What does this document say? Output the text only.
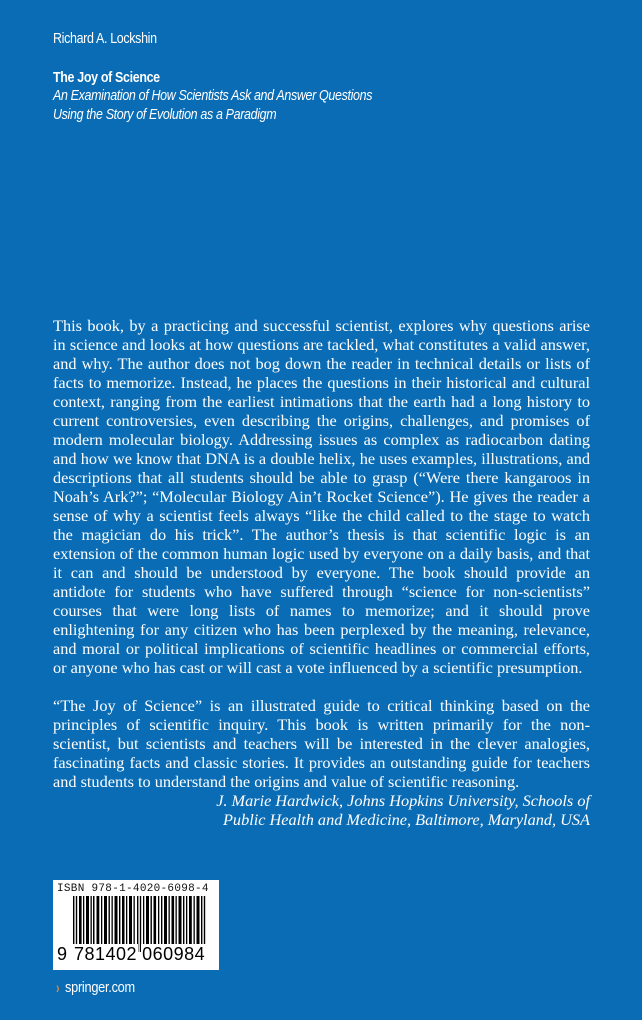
Richard A. Lockshin
The Joy of Science
An Examination of How Scientists Ask and Answer Questions
Using the Story of Evolution as a Paradigm

This book, by a practicing and successful scientist, explores why questions arise in science and looks at how questions are tackled, what constitutes a valid answer, and why. The author does not bog down the reader in technical details or lists of facts to memorize. Instead, he places the questions in their historical and cultural context, ranging from the earliest intimations that the earth had a long history to current controversies, even describing the origins, challenges, and promises of modern molecular biology. Addressing issues as complex as radiocarbon dating and how we know that DNA is a double helix, he uses examples, illustrations, and descriptions that all students should be able to grasp (“Were there kangaroos in Noah’s Ark?”; “Molecular Biology Ain’t Rocket Science”). He gives the reader a sense of why a scientist feels always “like the child called to the stage to watch the magician do his trick”. The author’s thesis is that scientific logic is an extension of the common human logic used by everyone on a daily basis, and that it can and should be understood by everyone. The book should provide an antidote for students who have suffered through “science for non-scientists” courses that were long lists of names to memorize; and it should prove enlightening for any citizen who has been perplexed by the meaning, relevance, and moral or political implications of scientific headlines or commercial efforts, or anyone who has cast or will cast a vote influenced by a scientific presumption.

“The Joy of Science” is an illustrated guide to critical thinking based on the principles of scientific inquiry. This book is written primarily for the non-scientist, but scientists and teachers will be interested in the clever analogies, fascinating facts and classic stories. It provides an outstanding guide for teachers and students to understand the origins and value of scientific reasoning.

J. Marie Hardwick, Johns Hopkins University, Schools of

Public Health and Medicine, Baltimore, Maryland, USA

ISBN 978-1-4020-6098-4
9 781402 060984
› springer.com
